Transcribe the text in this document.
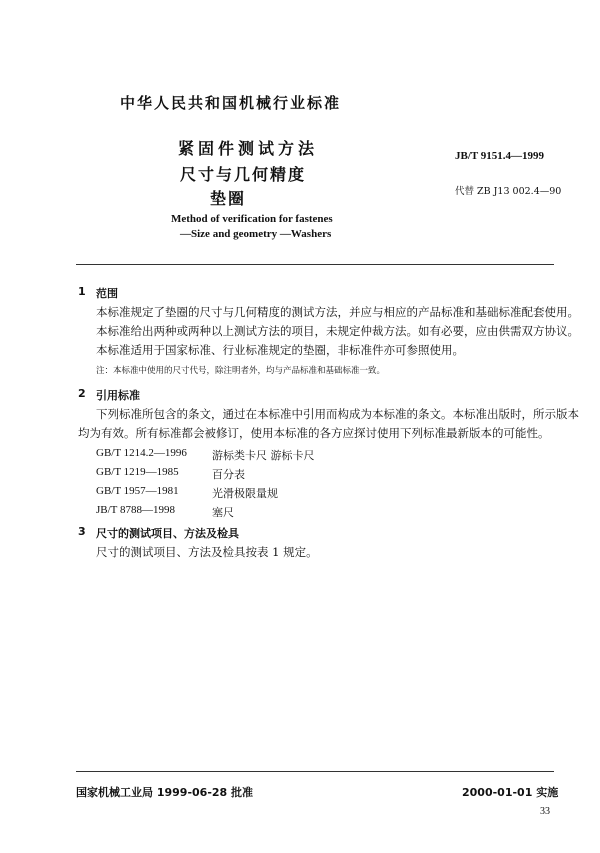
中华人民共和国机械行业标准
紧固件测试方法
尺寸与几何精度
垫圈
JB/T 9151.4—1999
代替 ZB J13 002.4—90
Method of verification for fastenes
—Size and geometry —Washers
1 范围
本标准规定了垫圈的尺寸与几何精度的测试方法，并应与相应的产品标准和基础标准配套使用。
本标准给出两种或两种以上测试方法的项目，未规定仲裁方法。如有必要，应由供需双方协议。
本标准适用于国家标准、行业标准规定的垫圈，非标准件亦可参照使用。
注：本标准中使用的尺寸代号，除注明者外，均与产品标准和基础标准一致。
2 引用标准
下列标准所包含的条文，通过在本标准中引用而构成为本标准的条文。本标准出版时，所示版本
均为有效。所有标准都会被修订，使用本标准的各方应探讨使用下列标准最新版本的可能性。
GB/T 1214.2—1996 游标类卡尺 游标卡尺
GB/T 1219—1985	百分表
GB/T 1957—1981	光滑极限量规
JB/T 8788—1998	塞尺
3 尺寸的测试项目、方法及检具
尺寸的测试项目、方法及检具按表 1 规定。
国家机械工业局 1999-06-28 批准	2000-01-01 实施
33
